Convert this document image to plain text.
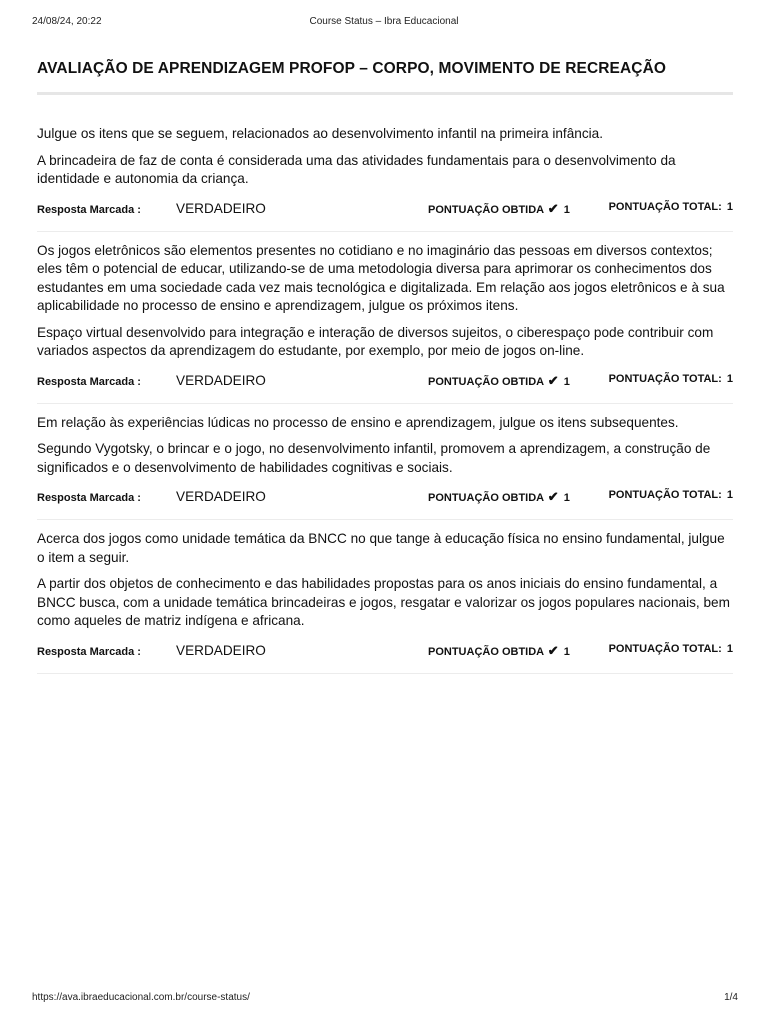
24/08/24, 20:22	Course Status – Ibra Educacional
AVALIAÇÃO DE APRENDIZAGEM PROFOP – CORPO, MOVIMENTO DE RECREAÇÃO

Julgue os itens que se seguem, relacionados ao desenvolvimento infantil na primeira infância.

A brincadeira de faz de conta é considerada uma das atividades fundamentais para o desenvolvimento da identidade e autonomia da criança.

Resposta Marcada :	VERDADEIRO	PONTUAÇÃO OBTIDA ✔ 1	PONTUAÇÃO TOTAL: 1

Os jogos eletrônicos são elementos presentes no cotidiano e no imaginário das pessoas em diversos contextos; eles têm o potencial de educar, utilizando-se de uma metodologia diversa para aprimorar os conhecimentos dos estudantes em uma sociedade cada vez mais tecnológica e digitalizada. Em relação aos jogos eletrônicos e à sua aplicabilidade no processo de ensino e aprendizagem, julgue os próximos itens.

Espaço virtual desenvolvido para integração e interação de diversos sujeitos, o ciberespaço pode contribuir com variados aspectos da aprendizagem do estudante, por exemplo, por meio de jogos on-line.

Resposta Marcada :	VERDADEIRO	PONTUAÇÃO OBTIDA ✔ 1	PONTUAÇÃO TOTAL: 1

Em relação às experiências lúdicas no processo de ensino e aprendizagem, julgue os itens subsequentes.

Segundo Vygotsky, o brincar e o jogo, no desenvolvimento infantil, promovem a aprendizagem, a construção de significados e o desenvolvimento de habilidades cognitivas e sociais.

Resposta Marcada :	VERDADEIRO	PONTUAÇÃO OBTIDA ✔ 1	PONTUAÇÃO TOTAL: 1

Acerca dos jogos como unidade temática da BNCC no que tange à educação física no ensino fundamental, julgue o item a seguir.

A partir dos objetos de conhecimento e das habilidades propostas para os anos iniciais do ensino fundamental, a BNCC busca, com a unidade temática brincadeiras e jogos, resgatar e valorizar os jogos populares nacionais, bem como aqueles de matriz indígena e africana.

Resposta Marcada :	VERDADEIRO	PONTUAÇÃO OBTIDA ✔ 1	PONTUAÇÃO TOTAL: 1
https://ava.ibraeducacional.com.br/course-status/	1/4
